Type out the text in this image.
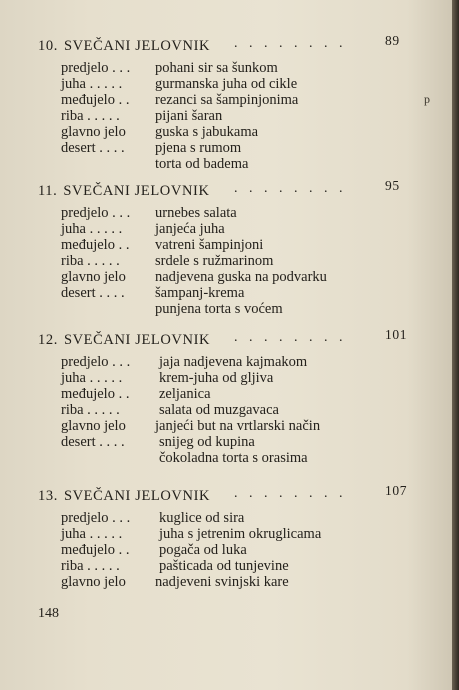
10. SVEČANI JELOVNIK . . . . . . . .	89
predjelo . . . pohani sir sa šunkom
juha . . . . . gurmanska juha od cikle
međujelo . . rezanci sa šampinjonima
riba . . . . . pijani šaran
glavno jelo guska s jabukama
desert . . . . pjena s rumom
torta od badema
11. SVEČANI JELOVNIK . . . . . . . .	95
predjelo . . . urnebes salata
juha . . . . . janjeća juha
međujelo . . vatreni šampinjoni
riba . . . . . srdele s ružmarinom
glavno jelo nadjevena guska na podvarku
desert . . . . šampanj-krema
punjena torta s voćem
12. SVEČANI JELOVNIK . . . . . . . .	101
predjelo . . . jaja nadjevena kajmakom
juha . . . . .	krem-juha od gljiva
međujelo . . zeljanica
riba . . . . .	salata od muzgavaca
glavno jelo janjeći but na vrtlarski način
desert . . . . snijeg od kupina
čokoladna torta s orasima
13. SVEČANI JELOVNIK . . . . . . . .	107
predjelo . . . kuglice od sira
juha . . . . .	juha s jetrenim okruglicama
međujelo . . pogača od luka
riba . . . . .	pašticada od tunjevine
glavno jelo nadjeveni svinjski kare
148
p
